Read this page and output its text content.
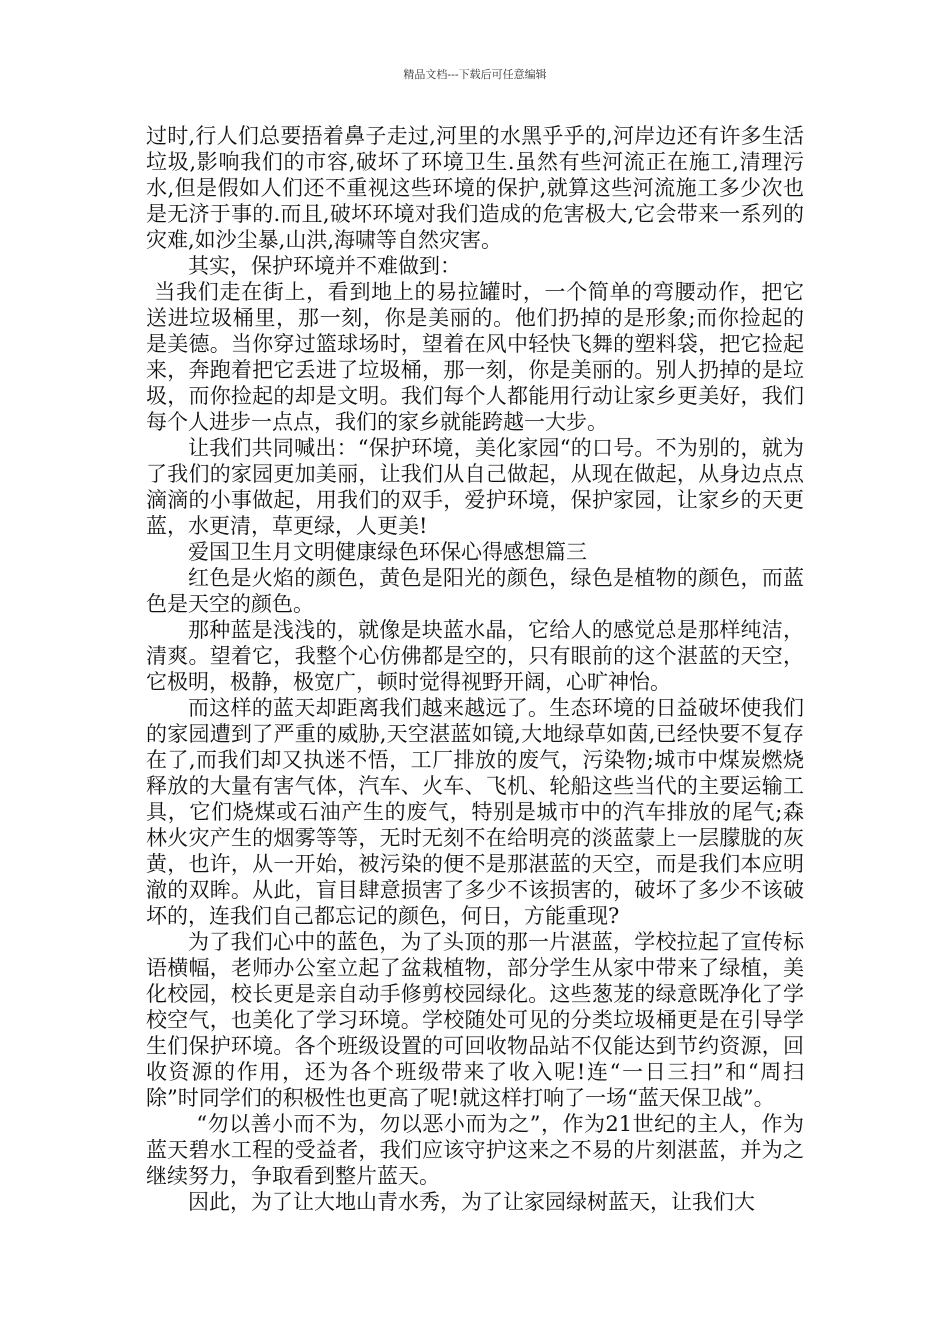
精品文档---下载后可任意编辑

过时,行人们总要捂着鼻子走过,河里的水黑乎乎的,河岸边还有许多生活垃圾,影响我们的市容,破坏了环境卫生.虽然有些河流正在施工,清理污水,但是假如人们还不重视这些环境的保护,就算这些河流施工多少次也是无济于事的.而且,破坏环境对我们造成的危害极大,它会带来一系列的灾难,如沙尘暴,山洪,海啸等自然灾害。

其实，保护环境并不难做到：

当我们走在街上，看到地上的易拉罐时，一个简单的弯腰动作，把它送进垃圾桶里，那一刻，你是美丽的。他们扔掉的是形象;而你捡起的是美德。当你穿过篮球场时，望着在风中轻快飞舞的塑料袋，把它捡起来，奔跑着把它丢进了垃圾桶，那一刻，你是美丽的。别人扔掉的是垃圾，而你捡起的却是文明。我们每个人都能用行动让家乡更美好，我们每个人进步一点点，我们的家乡就能跨越一大步。

让我们共同喊出：“保护环境，美化家园“的口号。不为别的，就为了我们的家园更加美丽，让我们从自己做起，从现在做起，从身边点点滴滴的小事做起，用我们的双手，爱护环境，保护家园，让家乡的天更蓝，水更清，草更绿，人更美!

爱国卫生月文明健康绿色环保心得感想篇三

红色是火焰的颜色，黄色是阳光的颜色，绿色是植物的颜色，而蓝色是天空的颜色。

那种蓝是浅浅的，就像是块蓝水晶，它给人的感觉总是那样纯洁，清爽。望着它，我整个心仿佛都是空的，只有眼前的这个湛蓝的天空，它极明，极静，极宽广，顿时觉得视野开阔，心旷神怡。

而这样的蓝天却距离我们越来越远了。生态环境的日益破坏使我们的家园遭到了严重的威胁,天空湛蓝如镜,大地绿草如茵,已经快要不复存在了,而我们却又执迷不悟，工厂排放的废气，污染物;城市中煤炭燃烧释放的大量有害气体，汽车、火车、飞机、轮船这些当代的主要运输工具，它们烧煤或石油产生的废气，特别是城市中的汽车排放的尾气;森林火灾产生的烟雾等等，无时无刻不在给明亮的淡蓝蒙上一层朦胧的灰黄，也许，从一开始，被污染的便不是那湛蓝的天空，而是我们本应明澈的双眸。从此，盲目肆意损害了多少不该损害的，破坏了多少不该破坏的，连我们自己都忘记的颜色，何日，方能重现?

为了我们心中的蓝色，为了头顶的那一片湛蓝，学校拉起了宣传标语横幅，老师办公室立起了盆栽植物，部分学生从家中带来了绿植，美化校园，校长更是亲自动手修剪校园绿化。这些葱茏的绿意既净化了学校空气，也美化了学习环境。学校随处可见的分类垃圾桶更是在引导学生们保护环境。各个班级设置的可回收物品站不仅能达到节约资源，回收资源的作用，还为各个班级带来了收入呢!连“一日三扫”和“周扫除”时同学们的积极性也更高了呢!就这样打响了一场“蓝天保卫战”。

“勿以善小而不为，勿以恶小而为之”，作为21世纪的主人，作为蓝天碧水工程的受益者，我们应该守护这来之不易的片刻湛蓝，并为之继续努力，争取看到整片蓝天。

因此，为了让大地山青水秀，为了让家园绿树蓝天，让我们大
